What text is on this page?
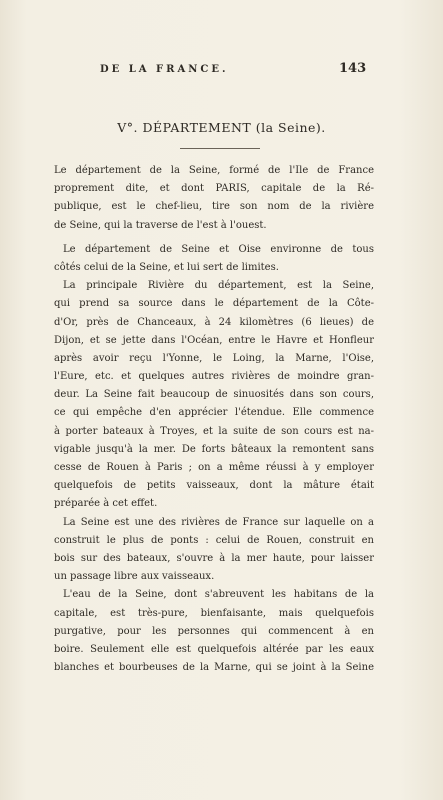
DE LA FRANCE.	143
V°. DÉPARTEMENT (la Seine).
Le département de la Seine, formé de l'Ile de France
proprement dite, et dont PARIS, capitale de la Ré-
publique, est le chef-lieu, tire son nom de la rivière
de Seine, qui la traverse de l'est à l'ouest.
Le département de Seine et Oise environne de tous
côtés celui de la Seine, et lui sert de limites.
La principale Rivière du département, est la Seine,
qui prend sa source dans le département de la Côte-
d'Or, près de Chanceaux, à 24 kilomètres (6 lieues) de
Dijon, et se jette dans l'Océan, entre le Havre et Honfleur
après avoir reçu l'Yonne, le Loing, la Marne, l'Oise,
l'Eure, etc. et quelques autres rivières de moindre gran-
deur. La Seine fait beaucoup de sinuosités dans son cours,
ce qui empêche d'en apprécier l'étendue. Elle commence
à porter bateaux à Troyes, et la suite de son cours est na-
vigable jusqu'à la mer. De forts bâteaux la remontent sans
cesse de Rouen à Paris ; on a même réussi à y employer
quelquefois de petits vaisseaux, dont la mâture était
préparée à cet effet.
La Seine est une des rivières de France sur laquelle on a
construit le plus de ponts : celui de Rouen, construit en
bois sur des bateaux, s'ouvre à la mer haute, pour laisser
un passage libre aux vaisseaux.
L'eau de la Seine, dont s'abreuvent les habitans de la
capitale, est très-pure, bienfaisante, mais quelquefois
purgative, pour les personnes qui commencent à en
boire. Seulement elle est quelquefois altérée par les eaux
blanches et bourbeuses de la Marne, qui se joint à la Seine
